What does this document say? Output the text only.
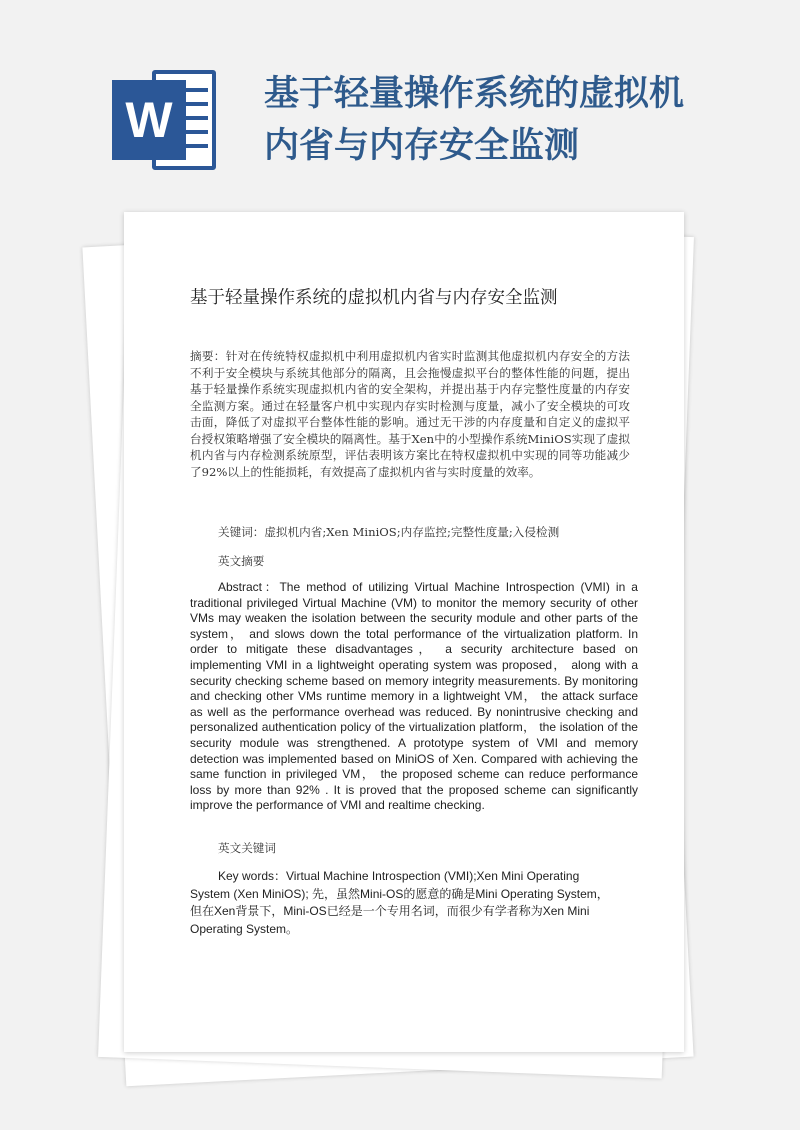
W	基于轻量操作系统的虚拟机内省与内存安全监测
基于轻量操作系统的虚拟机内省与内存安全监测
摘要：针对在传统特权虚拟机中利用虚拟机内省实时监测其他虚拟机内存安全的方法不利于安全模块与系统其他部分的隔离，且会拖慢虚拟平台的整体性能的问题，提出基于轻量操作系统实现虚拟机内省的安全架构，并提出基于内存完整性度量的内存安全监测方案。通过在轻量客户机中实现内存实时检测与度量，减小了安全模块的可攻击面，降低了对虚拟平台整体性能的影响。通过无干涉的内存度量和自定义的虚拟平台授权策略增强了安全模块的隔离性。基于Xen中的小型操作系统MiniOS实现了虚拟机内省与内存检测系统原型，评估表明该方案比在特权虚拟机中实现的同等功能减少了92%以上的性能损耗，有效提高了虚拟机内省与实时度量的效率。
关键词：虚拟机内省;Xen MiniOS;内存监控;完整性度量;入侵检测
英文摘要
Abstract：The method of utilizing Virtual Machine Introspection (VMI) in a traditional privileged Virtual Machine (VM) to monitor the memory security of other VMs may weaken the isolation between the security module and other parts of the system， and slows down the total performance of the virtualization platform. In order to mitigate these disadvantages， a security architecture based on implementing VMI in a lightweight operating system was proposed， along with a security checking scheme based on memory integrity measurements. By monitoring and checking other VMs runtime memory in a lightweight VM， the attack surface as well as the performance overhead was reduced. By nonintrusive checking and personalized authentication policy of the virtualization platform， the isolation of the security module was strengthened. A prototype system of VMI and memory detection was implemented based on MiniOS of Xen. Compared with achieving the same function in privileged VM， the proposed scheme can reduce performance loss by more than 92% . It is proved that the proposed scheme can significantly improve the performance of VMI and realtime checking.
英文关键词
Key words：Virtual Machine Introspection (VMI);Xen Mini Operating System (Xen MiniOS); 先，虽然Mini-OS的愿意的确是Mini Operating System，但在Xen背景下，Mini-OS已经是一个专用名词，而很少有学者称为Xen Mini Operating System。
